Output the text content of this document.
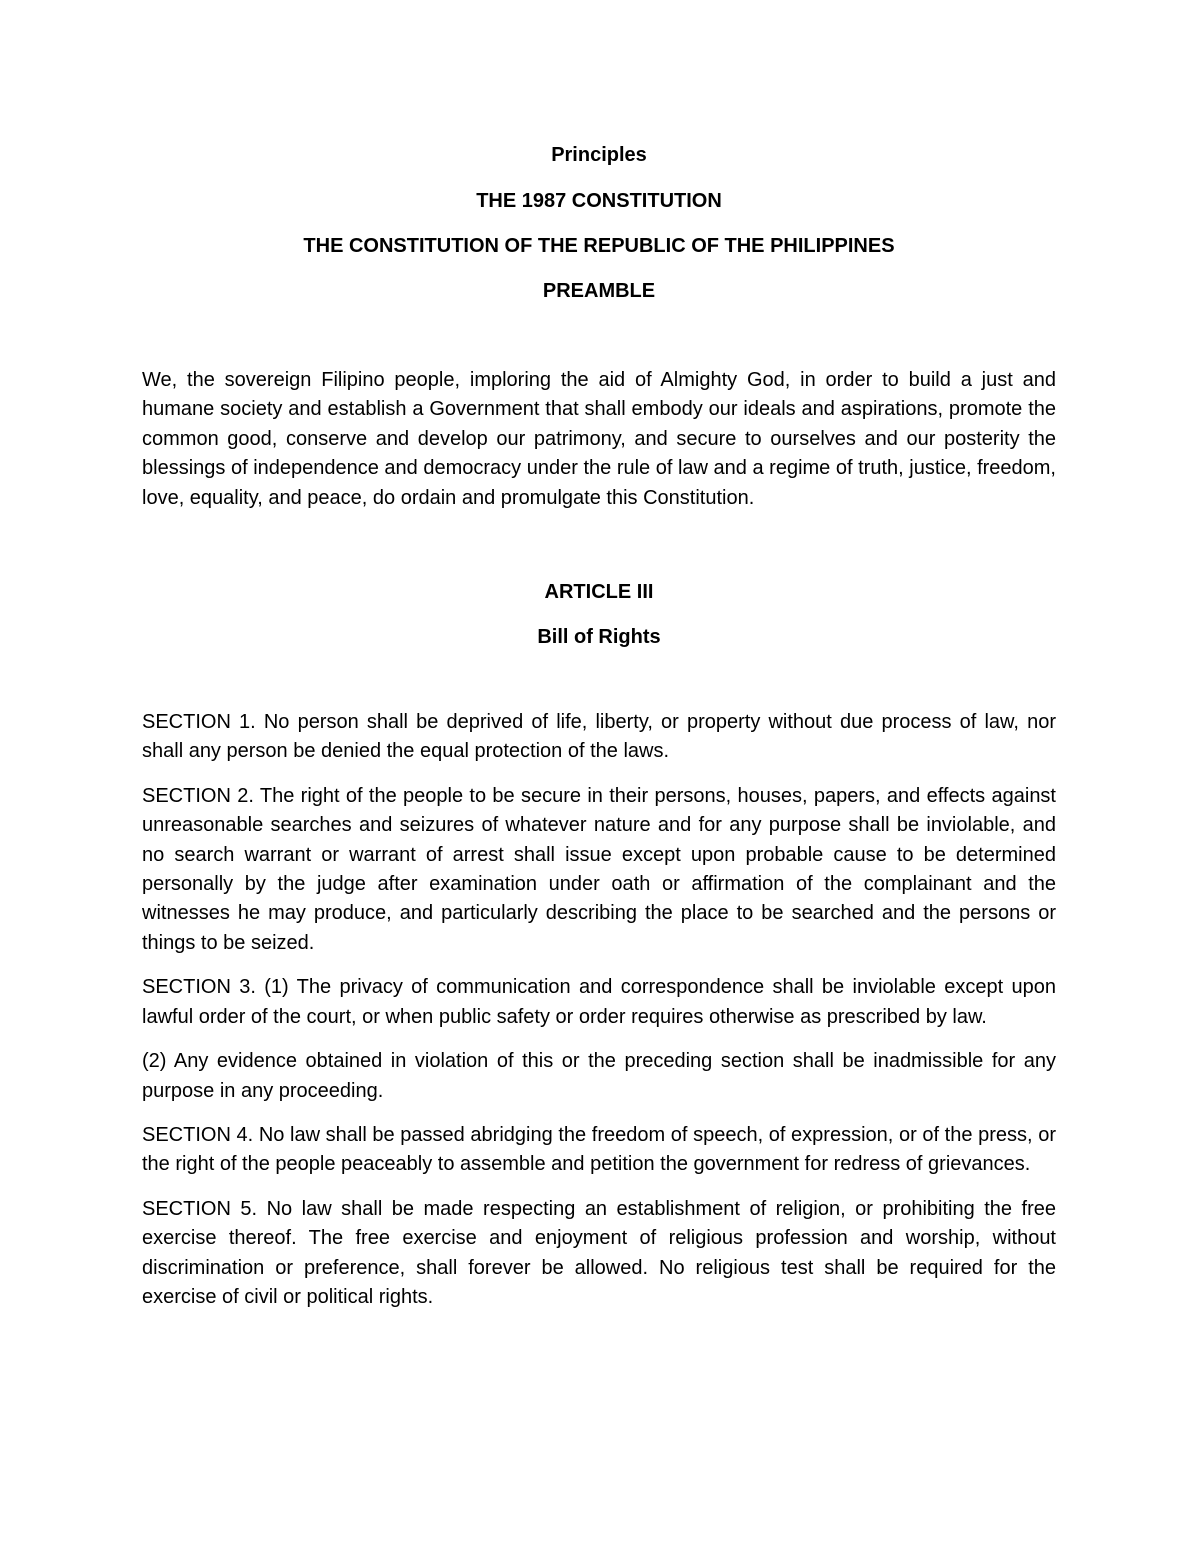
Principles

THE 1987 CONSTITUTION

THE CONSTITUTION OF THE REPUBLIC OF THE PHILIPPINES

PREAMBLE

We, the sovereign Filipino people, imploring the aid of Almighty God, in order to build a just and humane society and establish a Government that shall embody our ideals and aspirations, promote the common good, conserve and develop our patrimony, and secure to ourselves and our posterity the blessings of independence and democracy under the rule of law and a regime of truth, justice, freedom, love, equality, and peace, do ordain and promulgate this Constitution.

ARTICLE III

Bill of Rights

SECTION 1. No person shall be deprived of life, liberty, or property without due process of law, nor shall any person be denied the equal protection of the laws.

SECTION 2. The right of the people to be secure in their persons, houses, papers, and effects against unreasonable searches and seizures of whatever nature and for any purpose shall be inviolable, and no search warrant or warrant of arrest shall issue except upon probable cause to be determined personally by the judge after examination under oath or affirmation of the complainant and the witnesses he may produce, and particularly describing the place to be searched and the persons or things to be seized.

SECTION 3. (1) The privacy of communication and correspondence shall be inviolable except upon lawful order of the court, or when public safety or order requires otherwise as prescribed by law.

(2) Any evidence obtained in violation of this or the preceding section shall be inadmissible for any purpose in any proceeding.

SECTION 4. No law shall be passed abridging the freedom of speech, of expression, or of the press, or the right of the people peaceably to assemble and petition the government for redress of grievances.

SECTION 5. No law shall be made respecting an establishment of religion, or prohibiting the free exercise thereof. The free exercise and enjoyment of religious profession and worship, without discrimination or preference, shall forever be allowed. No religious test shall be required for the exercise of civil or political rights.
